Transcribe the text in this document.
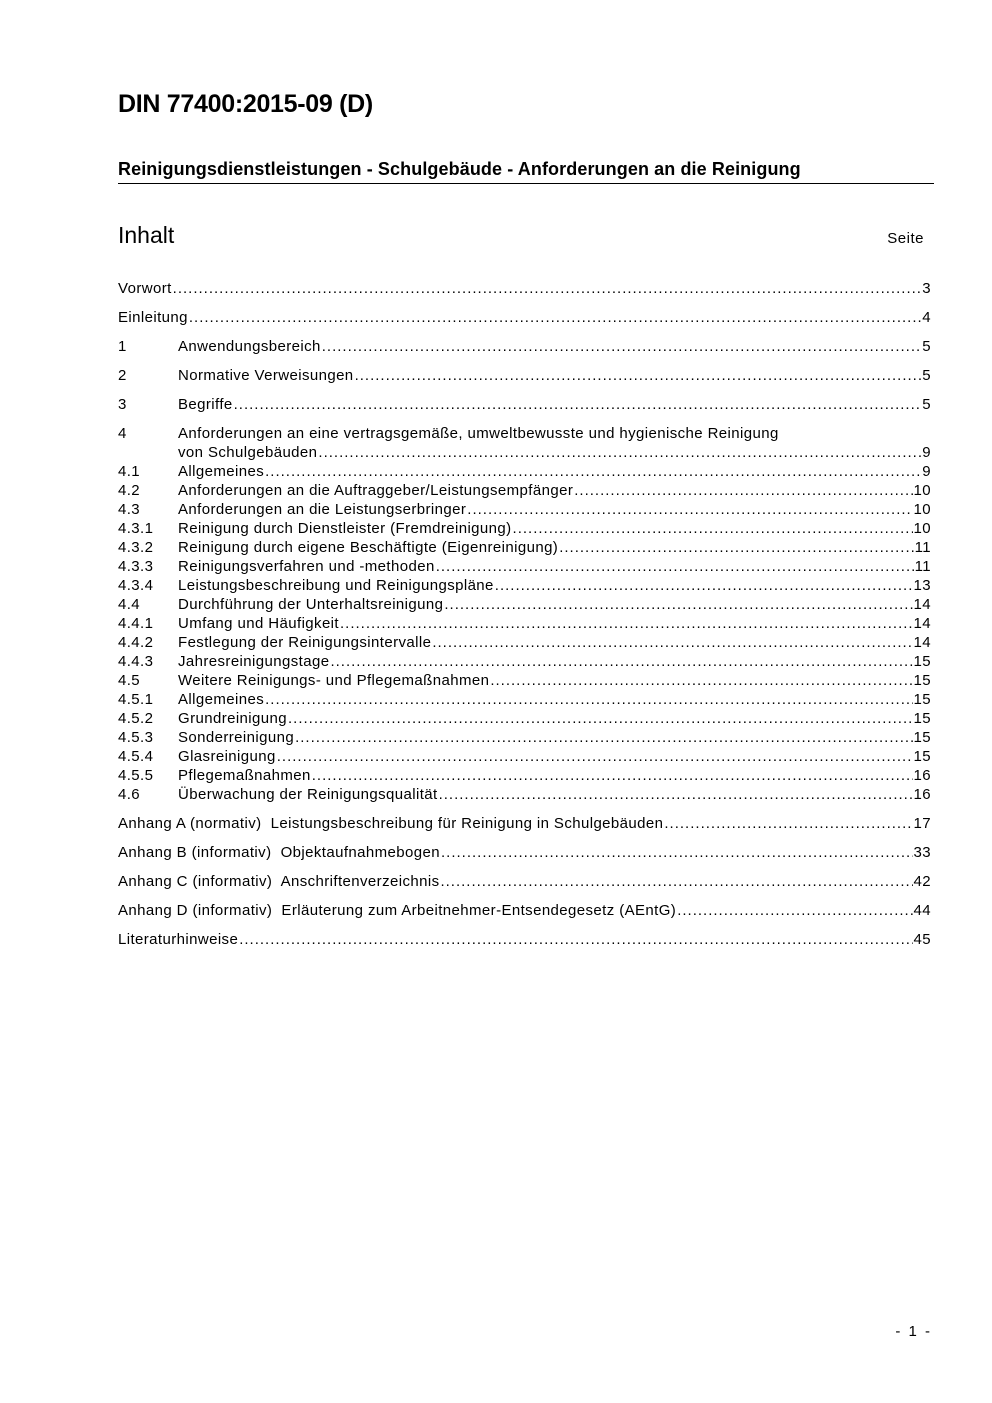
DIN 77400:2015-09 (D)
Reinigungsdienstleistungen - Schulgebäude - Anforderungen an die Reinigung
Inhalt	Seite
Vorwort .....	3
Einleitung .....	4
1	Anwendungsbereich .....	5
2	Normative Verweisungen .....	5
3	Begriffe .....	5
4	Anforderungen an eine vertragsgemäße, umweltbewusste und hygienische Reinigung
von Schulgebäuden .....	9
4.1	Allgemeines .....	9
4.2	Anforderungen an die Auftraggeber/Leistungsempfänger .....	10
4.3	Anforderungen an die Leistungserbringer .....	10
4.3.1	Reinigung durch Dienstleister (Fremdreinigung) .....	10
4.3.2	Reinigung durch eigene Beschäftigte (Eigenreinigung) .....	11
4.3.3	Reinigungsverfahren und -methoden .....	11
4.3.4	Leistungsbeschreibung und Reinigungspläne .....	13
4.4	Durchführung der Unterhaltsreinigung .....	14
4.4.1	Umfang und Häufigkeit .....	14
4.4.2	Festlegung der Reinigungsintervalle .....	14
4.4.3	Jahresreinigungstage .....	15
4.5	Weitere Reinigungs- und Pflegemaßnahmen .....	15
4.5.1	Allgemeines .....	15
4.5.2	Grundreinigung .....	15
4.5.3	Sonderreinigung .....	15
4.5.4	Glasreinigung .....	15
4.5.5	Pflegemaßnahmen .....	16
4.6	Überwachung der Reinigungsqualität .....	16
Anhang A (normativ)  Leistungsbeschreibung für Reinigung in Schulgebäuden .....	17
Anhang B (informativ)  Objektaufnahmebogen .....	33
Anhang C (informativ)  Anschriftenverzeichnis .....	42
Anhang D (informativ)  Erläuterung zum Arbeitnehmer-Entsendegesetz (AEntG) .....	44
Literaturhinweise .....	45
- 1 -
